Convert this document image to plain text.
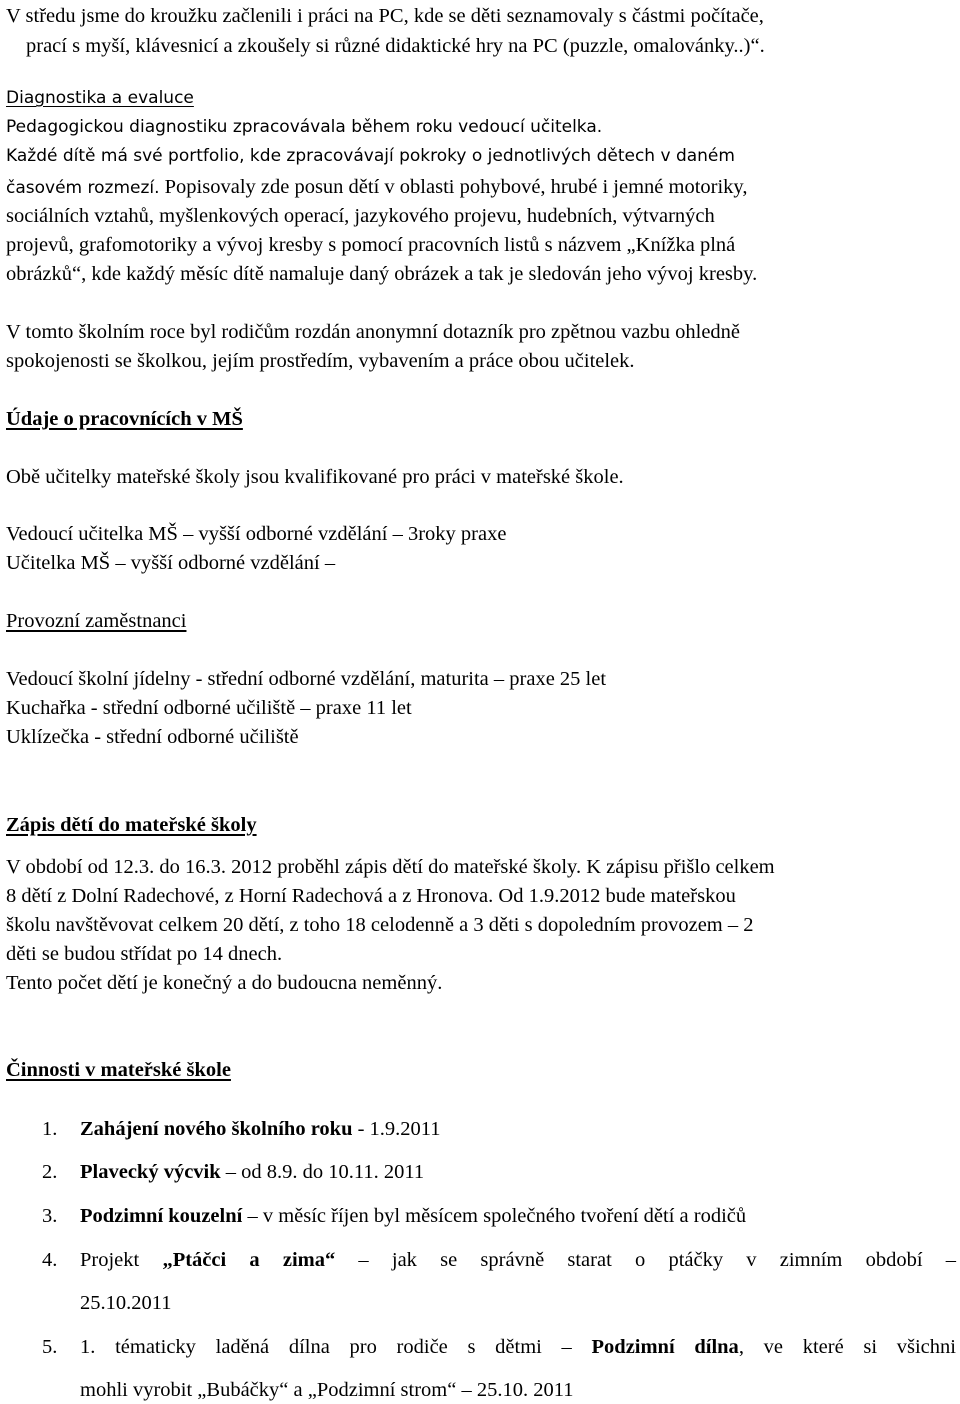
V středu jsme do kroužku začlenili i práci na PC, kde se děti seznamovaly s částmi počítače,
prací s myší, klávesnicí a zkoušely si různé didaktické hry na PC (puzzle, omalovánky..)“.
Diagnostika a evaluce
Pedagogickou diagnostiku zpracovávala během roku vedoucí učitelka.
Každé dítě má své portfolio, kde zpracovávají pokroky o jednotlivých dětech v daném
časovém rozmezí. Popisovaly zde posun dětí v oblasti pohybové, hrubé i jemné motoriky,
sociálních vztahů, myšlenkových operací, jazykového projevu, hudebních, výtvarných
projevů, grafomotoriky a vývoj kresby s pomocí pracovních listů s názvem „Knížka plná
obrázků“, kde každý měsíc dítě namaluje daný obrázek a tak je sledován jeho vývoj kresby.
V tomto školním roce byl rodičům rozdán anonymní dotazník pro zpětnou vazbu ohledně
spokojenosti se školkou, jejím prostředím, vybavením a práce obou učitelek.
Údaje o pracovnících v MŠ
Obě učitelky mateřské školy jsou kvalifikované pro práci v mateřské škole.
Vedoucí učitelka MŠ – vyšší odborné vzdělání – 3roky praxe
Učitelka MŠ – vyšší odborné vzdělání –
Provozní zaměstnanci
Vedoucí školní jídelny - střední odborné vzdělání, maturita – praxe 25 let
Kuchařka - střední odborné učiliště – praxe 11 let
Uklízečka - střední odborné učiliště
Zápis dětí do mateřské školy
V období od 12.3. do 16.3. 2012 proběhl zápis dětí do mateřské školy. K zápisu přišlo celkem
8 dětí z Dolní Radechové, z Horní Radechová a z Hronova. Od 1.9.2012 bude mateřskou
školu navštěvovat celkem 20 dětí, z toho 18 celodenně a 3 děti s dopoledním provozem – 2
děti se budou střídat po 14 dnech.
Tento počet dětí je konečný a do budoucna neměnný.
Činnosti v mateřské škole
1. Zahájení nového školního roku - 1.9.2011
2. Plavecký výcvik – od 8.9. do 10.11. 2011
3. Podzimní kouzelní – v měsíc říjen byl měsícem společného tvoření dětí a rodičů
4. Projekt „Ptáčci a zima“ – jak se správně starat o ptáčky v zimním období –
25.10.2011
5. 1. tématicky laděná dílna pro rodiče s dětmi – Podzimní dílna, ve které si všichni
mohli vyrobit „Bubáčky“ a „Podzimní strom“ – 25.10. 2011
